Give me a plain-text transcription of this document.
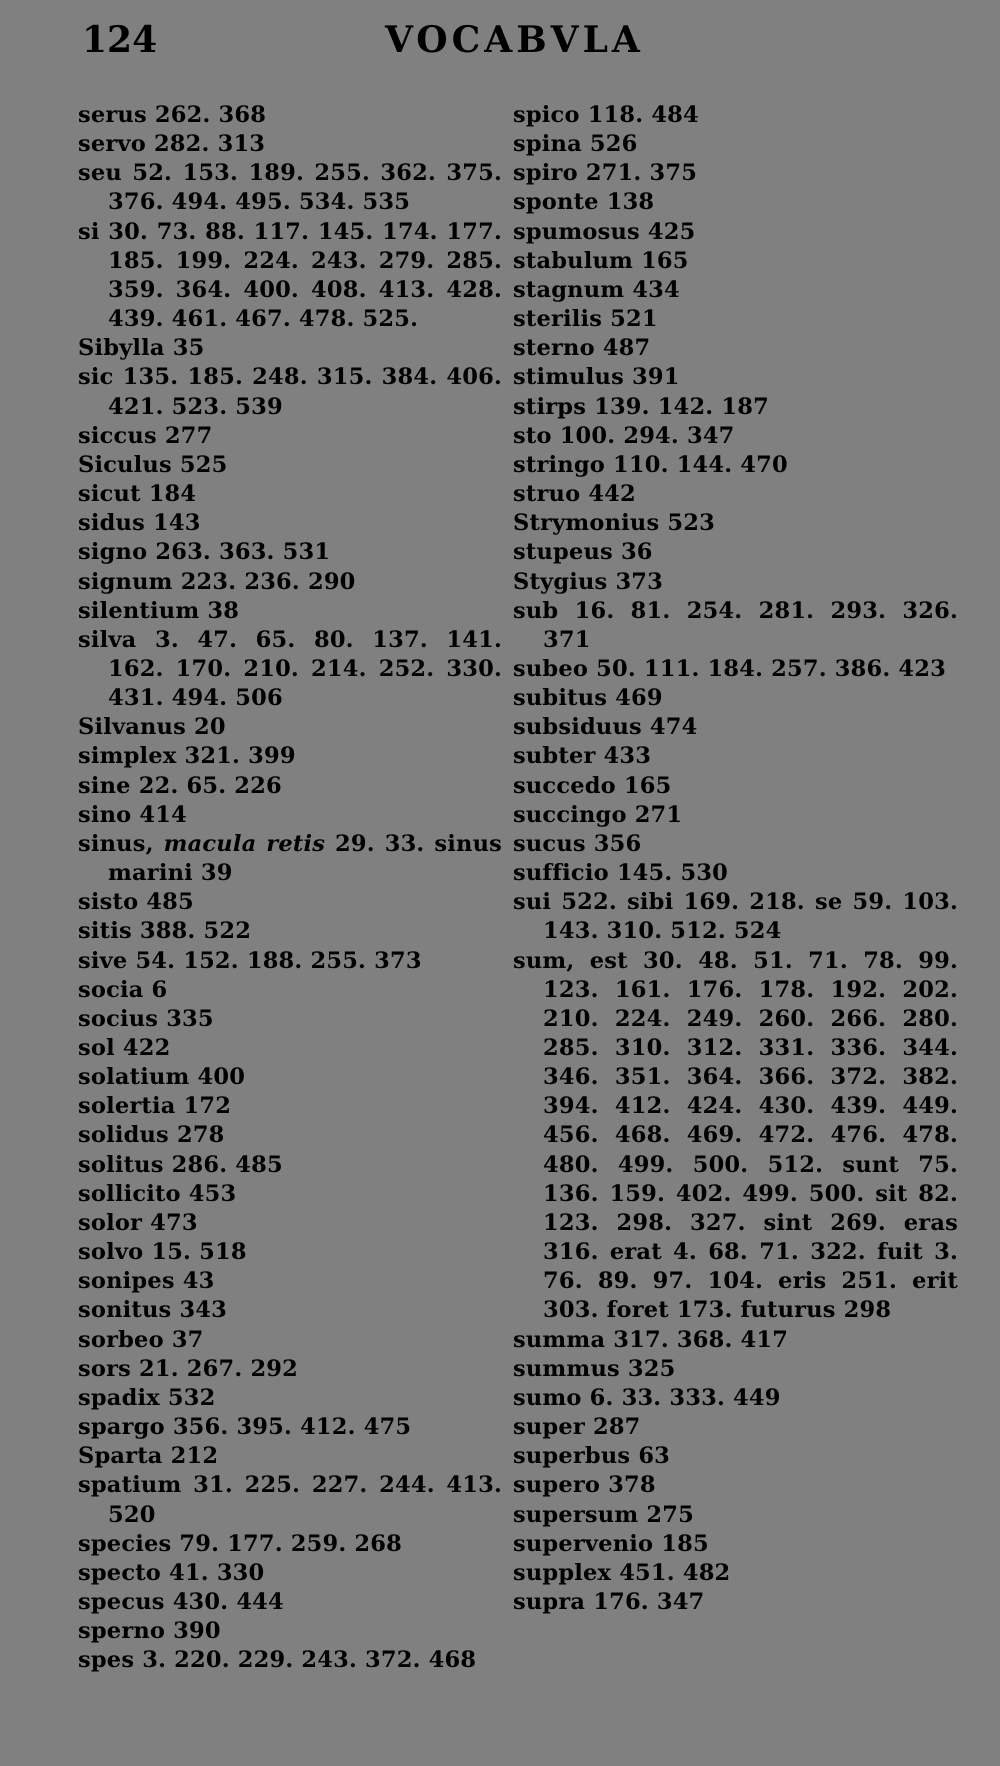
124	VOCABVLA
serus 262. 368
servo 282. 313
seu 52. 153. 189. 255. 362. 375. 376. 494. 495. 534. 535
si 30. 73. 88. 117. 145. 174. 177. 185. 199. 224. 243. 279. 285. 359. 364. 400. 408. 413. 428. 439. 461. 467. 478. 525.
Sibylla 35
sic 135. 185. 248. 315. 384. 406. 421. 523. 539
siccus 277
Siculus 525
sicut 184
sidus 143
signo 263. 363. 531
signum 223. 236. 290
silentium 38
silva 3. 47. 65. 80. 137. 141. 162. 170. 210. 214. 252. 330. 431. 494. 506
Silvanus 20
simplex 321. 399
sine 22. 65. 226
sino 414
sinus, macula retis 29. 33. sinus marini 39
sisto 485
sitis 388. 522
sive 54. 152. 188. 255. 373
socia 6
socius 335
sol 422
solatium 400
solertia 172
solidus 278
solitus 286. 485
sollicito 453
solor 473
solvo 15. 518
sonipes 43
sonitus 343
sorbeo 37
sors 21. 267. 292
spadix 532
spargo 356. 395. 412. 475
Sparta 212
spatium 31. 225. 227. 244. 413. 520
species 79. 177. 259. 268
specto 41. 330
specus 430. 444
sperno 390
spes 3. 220. 229. 243. 372. 468
spico 118. 484
spina 526
spiro 271. 375
sponte 138
spumosus 425
stabulum 165
stagnum 434
sterilis 521
sterno 487
stimulus 391
stirps 139. 142. 187
sto 100. 294. 347
stringo 110. 144. 470
struo 442
Strymonius 523
stupeus 36
Stygius 373
sub 16. 81. 254. 281. 293. 326. 371
subeo 50. 111. 184. 257. 386. 423
subitus 469
subsiduus 474
subter 433
succedo 165
succingo 271
sucus 356
sufficio 145. 530
sui 522. sibi 169. 218. se 59. 103. 143. 310. 512. 524
sum, est 30. 48. 51. 71. 78. 99. 123. 161. 176. 178. 192. 202. 210. 224. 249. 260. 266. 280. 285. 310. 312. 331. 336. 344. 346. 351. 364. 366. 372. 382. 394. 412. 424. 430. 439. 449. 456. 468. 469. 472. 476. 478. 480. 499. 500. 512. sunt 75. 136. 159. 402. 499. 500. sit 82. 123. 298. 327. sint 269. eras 316. erat 4. 68. 71. 322. fuit 3. 76. 89. 97. 104. eris 251. erit 303. foret 173. futurus 298
summa 317. 368. 417
summus 325
sumo 6. 33. 333. 449
super 287
superbus 63
supero 378
supersum 275
supervenio 185
supplex 451. 482
supra 176. 347
